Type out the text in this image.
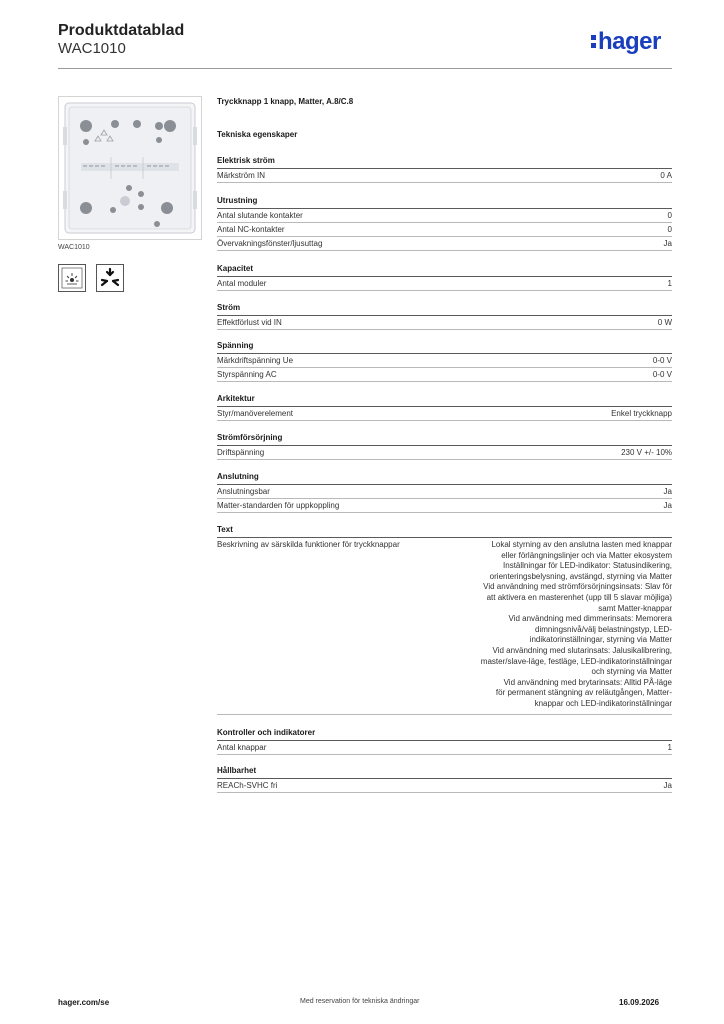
Produktdatablad
WAC1010	hager
WAC1010
Tryckknapp 1 knapp, Matter, A.8/C.8
Tekniska egenskaper
Elektrisk ström
Märkström IN	0 A
Utrustning
Antal slutande kontakter	0
Antal NC-kontakter	0
Övervakningsfönster/ljusuttag	Ja
Kapacitet
Antal moduler	1
Ström
Effektförlust vid IN	0 W
Spänning
Märkdriftspänning Ue	0-0 V
Styrspänning AC	0-0 V
Arkitektur
Styr/manöverelement	Enkel tryckknapp
Strömförsörjning
Driftspänning	230 V +/- 10%
Anslutning
Anslutningsbar	Ja
Matter-standarden för uppkoppling	Ja
Text
Beskrivning av särskilda funktioner för tryckknappar	Lokal styrning av den anslutna lasten med knappar
eller förlängningslinjer och via Matter ekosystem
Inställningar för LED-indikator: Statusindikering,
orienteringsbelysning, avstängd, styrning via Matter
Vid användning med strömförsörjningsinsats: Slav för
att aktivera en masterenhet (upp till 5 slavar möjliga)
samt Matter-knappar
Vid användning med dimmerinsats: Memorera
dimningsnivå/välj belastningstyp, LED-
indikatorinställningar, styrning via Matter
Vid användning med slutarinsats: Jalusikalibrering,
master/slave-läge, festläge, LED-indikatorinställningar
och styrning via Matter
Vid användning med brytarinsats: Alltid PÅ-läge
för permanent stängning av reläutgången, Matter-
knappar och LED-indikatorinställningar
Kontroller och indikatorer
Antal knappar	1
Hållbarhet
REACh-SVHC fri	Ja
hager.com/se	Med reservation för tekniska ändringar	16.09.2026
